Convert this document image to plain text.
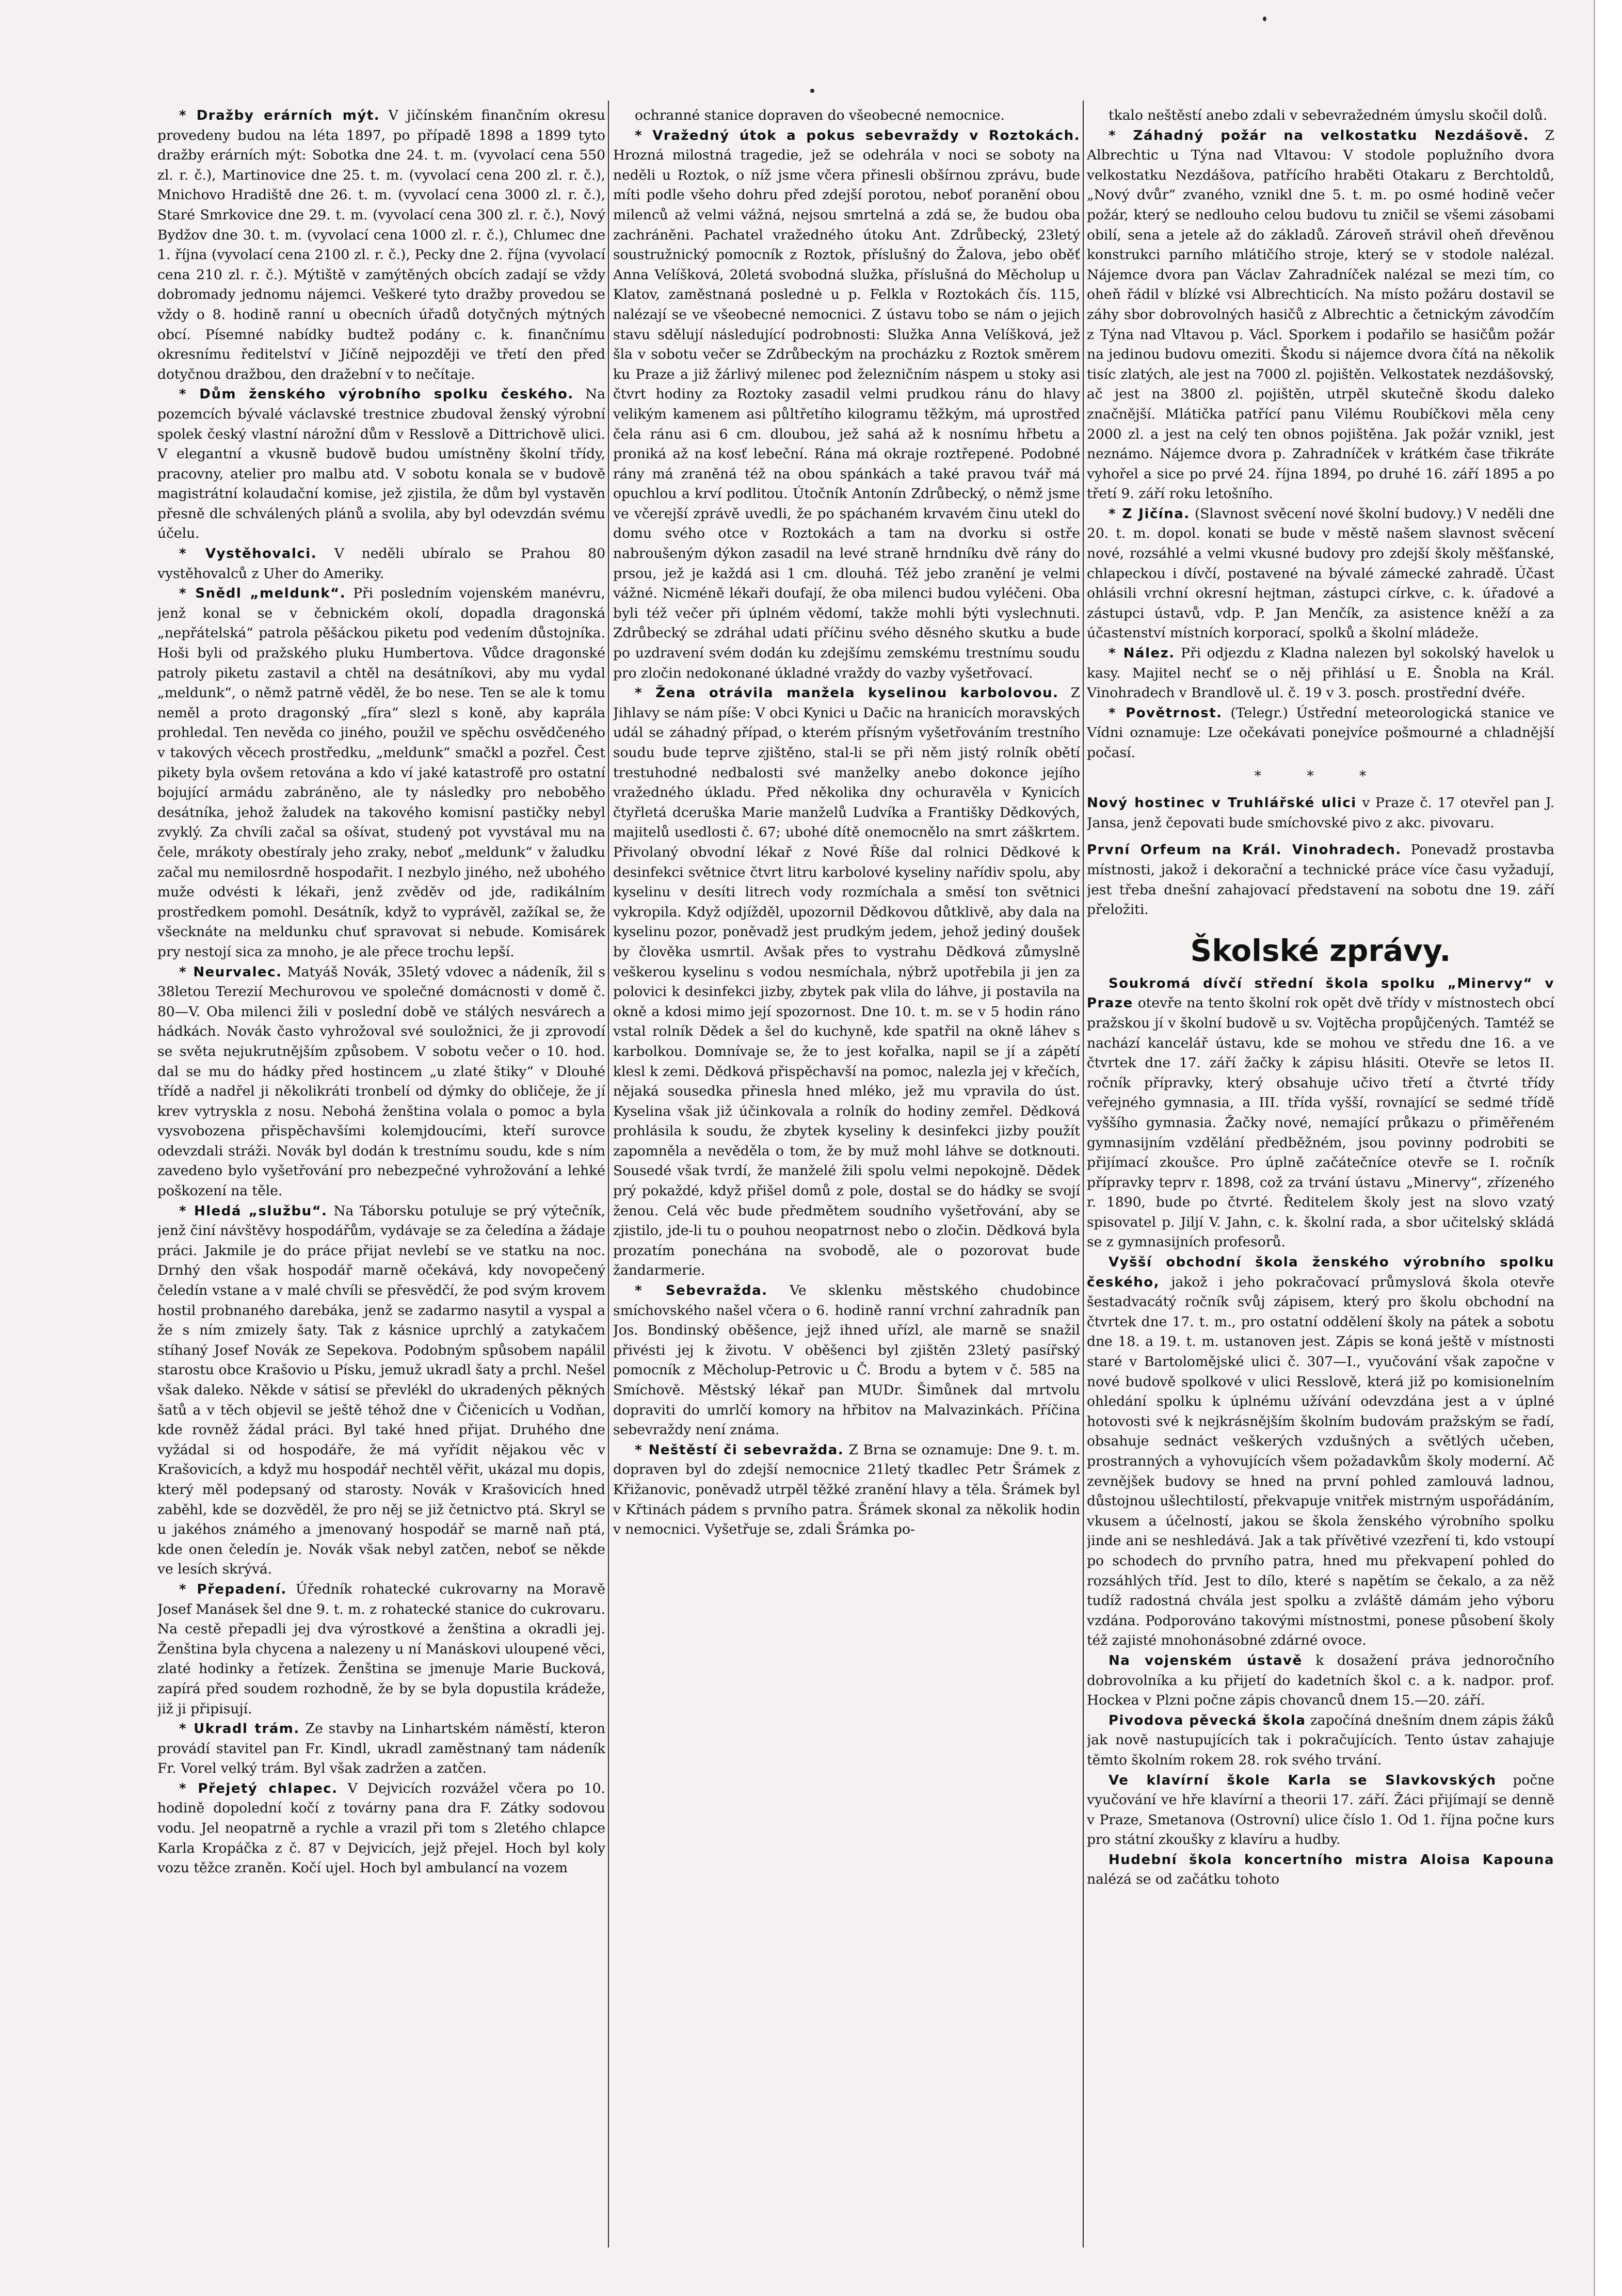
* Dražby erárních mýt. V jičínském finančním okresu provedeny budou na léta 1897, po případě 1898 a 1899 tyto dražby erárních mýt: Sobotka dne 24. t. m. (vyvolací cena 550 zl. r. č.), Martinovice dne 25. t. m. (vyvolací cena 200 zl. r. č.), Mnichovo Hradiště dne 26. t. m. (vyvolací cena 3000 zl. r. č.), Staré Smrkovice dne 29. t. m. (vyvolací cena 300 zl. r. č.), Nový Bydžov dne 30. t. m. (vyvolací cena 1000 zl. r. č.), Chlumec dne 1. října (vyvolací cena 2100 zl. r. č.), Pecky dne 2. října (vyvolací cena 210 zl. r. č.). Mýtiště v zamýtěných obcích zadají se vždy dobromady jednomu nájemci. Veškeré tyto dražby provedou se vždy o 8. hodině ranní u obecních úřadů dotyčných mýtných obcí. Písemné nabídky budtež podány c. k. finančnímu okresnímu ředitelství v Jičíně nejpozději ve třetí den před dotyčnou dražbou, den dražební v to nečítaje.

* Dům ženského výrobního spolku českého. Na pozemcích bývalé václavské trestnice zbudoval ženský výrobní spolek český vlastní nárožní dům v Resslově a Dittrichově ulici. V elegantní a vkusně budově budou umístněny školní třídy, pracovny, atelier pro malbu atd. V sobotu konala se v budově magistrátní kolaudační komise, jež zjistila, že dům byl vystavěn přesně dle schválených plánů a svolila, aby byl odevzdán svému účelu.

* Vystěhovalci. V neděli ubíralo se Prahou 80 vystěhovalců z Uher do Ameriky.

* Snědl „meldunk“. Při posledním vojenském manévru, jenž konal se v čebnickém okolí, dopadla dragonská „nepřátelská“ patrola pěšáckou piketu pod vedením důstojníka. Hoši byli od pražského pluku Humbertova. Vůdce dragonské patroly piketu zastavil a chtěl na desátníkovi, aby mu vydal „meldunk“, o němž patrně věděl, že bo nese. Ten se ale k tomu neměl a proto dragonský „fíra“ slezl s koně, aby kaprála prohledal. Ten nevěda co jiného, použil ve spěchu osvědčeného v takových věcech prostředku, „meldunk“ smačkl a pozřel. Čest pikety byla ovšem retována a kdo ví jaké katastrofě pro ostatní bojující armádu zabráněno, ale ty následky pro neboběho desátníka, jehož žaludek na takového komisní pastičky nebyl zvyklý. Za chvíli začal sa ošívat, studený pot vyvstával mu na čele, mrákoty obestíraly jeho zraky, neboť „meldunk“ v žaludku začal mu nemilosrdně hospodařit. I nezbylo jiného, než ubohého muže odvésti k lékaři, jenž zvěděv od jde, radikálním prostředkem pomohl. Desátník, když to vyprávěl, zažíkal se, že všecknáte na meldunku chuť spravovat si nebude. Komisárek pry nestojí sica za mnoho, je ale přece trochu lepší.

* Neurvalec. Matyáš Novák, 35letý vdovec a nádeník, žil s 38letou Terezií Mechurovou ve společné domácnosti v domě č. 80—V. Oba milenci žili v poslední době ve stálých nesvárech a hádkách. Novák často vyhrožoval své souložnici, že ji zprovodí se světa nejukrutnějším způsobem. V sobotu večer o 10. hod. dal se mu do hádky před hostincem „u zlaté štiky“ v Dlouhé třídě a nadřel ji několikráti tronbelí od dýmky do obličeje, že jí krev vytryskla z nosu. Nebohá ženština volala o pomoc a byla vysvobozena přispěchavšími kolemjdoucími, kteří surovce odevzdali stráži. Novák byl dodán k trestnímu soudu, kde s ním zavedeno bylo vyšetřování pro nebezpečné vyhrožování a lehké poškození na těle.

* Hledá „službu“. Na Táborsku potuluje se prý výtečník, jenž činí návštěvy hospodářům, vydávaje se za čeledína a žádaje práci. Jakmile je do práce přijat nevlebí se ve statku na noc. Drnhý den však hospodář marně očekává, kdy novopečený čeledín vstane a v malé chvíli se přesvědčí, že pod svým krovem hostil probnaného darebáka, jenž se zadarmo nasytil a vyspal a že s ním zmizely šaty. Tak z kásnice uprchlý a zatykačem stíhaný Josef Novák ze Sepekova. Podobným spůsobem napálil starostu obce Krašovio u Písku, jemuž ukradl šaty a prchl. Nešel však daleko. Někde v sátisí se převlékl do ukradených pěkných šatů a v těch objevil se ještě téhož dne v Čičenicích u Vodňan, kde rovněž žádal práci. Byl také hned přijat. Druhého dne vyžádal si od hospodáře, že má vyřídit nějakou věc v Krašovicích, a když mu hospodář nechtěl věřit, ukázal mu dopis, který měl podepsaný od starosty. Novák v Krašovicích hned zaběhl, kde se dozvěděl, že pro něj se již četnictvo ptá. Skryl se u jakéhos známého a jmenovaný hospodář se marně naň ptá, kde onen čeledín je. Novák však nebyl zatčen, neboť se někde ve lesích skrývá.

* Přepadení. Úředník rohatecké cukrovarny na Moravě Josef Manásek šel dne 9. t. m. z rohatecké stanice do cukrovaru. Na cestě přepadli jej dva výrostkové a ženština a okradli jej. Ženština byla chycena a nalezeny u ní Manáskovi uloupené věci, zlaté hodinky a řetízek. Ženština se jmenuje Marie Bucková, zapírá před soudem rozhodně, že by se byla dopustila krádeže, již ji připisují.

* Ukradl trám. Ze stavby na Linhartském náměstí, kteron provádí stavitel pan Fr. Kindl, ukradl zaměstnaný tam nádeník Fr. Vorel velký trám. Byl však zadržen a zatčen.

* Přejetý chlapec. V Dejvicích rozvážel včera po 10. hodině dopolední kočí z továrny pana dra F. Zátky sodovou vodu. Jel neopatrně a rychle a vrazil při tom s 2letého chlapce Karla Kropáčka z č. 87 v Dejvicích, jejž přejel. Hoch byl koly vozu těžce zraněn. Kočí ujel. Hoch byl ambulancí na vozem

ochranné stanice dopraven do všeobecné nemocnice.

* Vražedný útok a pokus sebevraždy v Roztokách. Hrozná milostná tragedie, jež se odehrála v noci se soboty na neděli u Roztok, o níž jsme včera přinesli obšírnou zprávu, bude míti podle všeho dohru před zdejší porotou, neboť poranění obou milenců až velmi vážná, nejsou smrtelná a zdá se, že budou oba zachráněni. Pachatel vražedného útoku Ant. Zdrůbecký, 23letý soustružnický pomocník z Roztok, příslušný do Žalova, jebo oběť Anna Velíšková, 20letá svobodná služka, příslušná do Měcholup u Klatov, zaměstnaná poslednė u p. Felkla v Roztokách čís. 115, nalézají se ve všeobecné nemocnici. Z ústavu tobo se nám o jejich stavu sdělují následující podrobnosti: Služka Anna Velíšková, jež šla v sobotu večer se Zdrůbeckým na procházku z Roztok směrem ku Praze a již žárlivý milenec pod železničním náspem u stoky asi čtvrt hodiny za Roztoky zasadil velmi prudkou ránu do hlavy velikým kamenem asi půltřetího kilogramu těžkým, má uprostřed čela ránu asi 6 cm. dloubou, jež sahá až k nosnímu hřbetu a proniká až na kosť lebeční. Rána má okraje roztřepené. Podobné rány má zraněná též na obou spánkách a také pravou tvář má opuchlou a krví podlitou. Útočník Antonín Zdrůbecký, o němž jsme ve včerejší zprávě uvedli, že po spáchaném krvavém činu utekl do domu svého otce v Roztokách a tam na dvorku si ostře nabroušeným dýkon zasadil na levé straně hrndníku dvě rány do prsou, jež je každá asi 1 cm. dlouhá. Též jebo zranění je velmi vážné. Nicméně lékaři doufají, že oba milenci budou vyléčeni. Oba byli též večer při úplném vědomí, takže mohli býti vyslechnuti. Zdrůbecký se zdráhal udati příčinu svého děsného skutku a bude po uzdravení svém dodán ku zdejšímu zemskému trestnímu soudu pro zločin nedokonané úkladné vraždy do vazby vyšetřovací.

* Žena otrávila manžela kyselinou karbolovou. Z Jihlavy se nám píše: V obci Kynici u Dačic na hranicích moravských udál se záhadný případ, o kterém přísným vyšetřováním trestního soudu bude teprve zjištěno, stal-li se při něm jistý rolník obětí trestuhodné nedbalosti své manželky anebo dokonce jejího vražedného úkladu. Před několika dny ochuravěla v Kynicích čtyřletá dceruška Marie manželů Ludvíka a Františky Dědkových, majitelů usedlosti č. 67; ubohé dítě onemocnělo na smrt záškrtem. Přivolaný obvodní lékař z Nové Říše dal rolnici Dědkové k desinfekci světnice čtvrt litru karbolové kyseliny nařídiv spolu, aby kyselinu v desíti litrech vody rozmíchala a směsí ton světnici vykropila. Když odjížděl, upozornil Dědkovou důtklivě, aby dala na kyselinu pozor, poněvadž jest prudkým jedem, jehož jediný doušek by člověka usmrtil. Avšak přes to vystrahu Dědková zůmyslně veškerou kyselinu s vodou nesmíchala, nýbrž upotřebila ji jen za polovici k desinfekci jizby, zbytek pak vlila do láhve, ji postavila na okně a kdosi mimo její spozornost. Dne 10. t. m. se v 5 hodin ráno vstal rolník Dědek a šel do kuchyně, kde spatřil na okně láhev s karbolkou. Domnívaje se, že to jest kořalka, napil se jí a zápětí klesl k zemi. Dědková přispěchavší na pomoc, nalezla jej v křečích, nějaká sousedka přinesla hned mléko, jež mu vpravila do úst. Kyselina však již účinkovala a rolník do hodiny zemřel. Dědková prohlásila k soudu, že zbytek kyseliny k desinfekci jizby použít zapomněla a nevěděla o tom, že by muž mohl láhve se dotknouti. Sousedé však tvrdí, že manželé žili spolu velmi nepokojně. Dědek prý pokaždé, když přišel domů z pole, dostal se do hádky se svojí ženou. Celá věc bude předmětem soudního vyšetřování, aby se zjistilo, jde-li tu o pouhou neopatrnost nebo o zločin. Dědková byla prozatím ponechána na svobodě, ale o pozorovat bude žandarmerie.

* Sebevražda. Ve sklenku městského chudobince smíchovského našel včera o 6. hodině ranní vrchní zahradník pan Jos. Bondinský oběšence, jejž ihned uřízl, ale marně se snažil přivésti jej k životu. V oběšenci byl zjištěn 23letý pasířský pomocník z Měcholup-Petrovic u Č. Brodu a bytem v č. 585 na Smíchově. Městský lékař pan MUDr. Šimůnek dal mrtvolu dopraviti do umrlčí komory na hřbitov na Malvazinkách. Příčina sebevraždy není známa.

* Neštěstí či sebevražda. Z Brna se oznamuje: Dne 9. t. m. dopraven byl do zdejší nemocnice 21letý tkadlec Petr Šrámek z Křižanovic, poněvadž utrpěl těžké zranění hlavy a těla. Šrámek byl v Křtinách pádem s prvního patra. Šrámek skonal za několik hodin v nemocnici. Vyšetřuje se, zdali Šrámka po-

tkalo neštěstí anebo zdali v sebevražedném úmyslu skočil dolů.

* Záhadný požár na velkostatku Nezdášově. Z Albrechtic u Týna nad Vltavou: V stodole poplužního dvora velkostatku Nezdášova, patřícího hraběti Otakaru z Berchtoldů, „Nový dvůr“ zvaného, vznikl dne 5. t. m. po osmé hodině večer požár, který se nedlouho celou budovu tu zničil se všemi zásobami obilí, sena a jetele až do základů. Zároveň strávil oheň dřevěnou konstrukci parního mlátičího stroje, který se v stodole nalézal. Nájemce dvora pan Václav Zahradníček nalézal se mezi tím, co oheň řádil v blízké vsi Albrechticích. Na místo požáru dostavil se záhy sbor dobrovolných hasičů z Albrechtic a četnickým závodčím z Týna nad Vltavou p. Václ. Sporkem i podařilo se hasičům požár na jedinou budovu omeziti. Škodu si nájemce dvora čítá na několik tisíc zlatých, ale jest na 7000 zl. pojištěn. Velkostatek nezdášovský, ač jest na 3800 zl. pojištěn, utrpěl skutečně škodu daleko značnější. Mlátička patřící panu Vilému Roubíčkovi měla ceny 2000 zl. a jest na celý ten obnos pojištěna. Jak požár vznikl, jest neznámo. Nájemce dvora p. Zahradníček v krátkém čase třikráte vyhořel a sice po prvé 24. října 1894, po druhé 16. září 1895 a po třetí 9. září roku letošního.

* Z Jičína. (Slavnost svěcení nové školní budovy.) V neděli dne 20. t. m. dopol. konati se bude v městě našem slavnost svěcení nové, rozsáhlé a velmi vkusné budovy pro zdejší školy měšťanské, chlapeckou i dívčí, postavené na bývalé zámecké zahradě. Účast ohlásili vrchní okresní hejtman, zástupci církve, c. k. úřadové a zástupci ústavů, vdp. P. Jan Menčík, za asistence kněží a za účastenství místních korporací, spolků a školní mládeže.

* Nález. Při odjezdu z Kladna nalezen byl sokolský havelok u kasy. Majitel nechť se o něj přihlásí u E. Šnobla na Král. Vinohradech v Brandlově ul. č. 19 v 3. posch. prostřední dvéře.

* Povětrnost. (Telegr.) Ústřední meteorologická stanice ve Vídni oznamuje: Lze očekávati ponejvíce pošmourné a chladnější počasí.

* * *

Nový hostinec v Truhlářské ulici v Praze č. 17 otevřel pan J. Jansa, jenž čepovati bude smíchovské pivo z akc. pivovaru.

První Orfeum na Král. Vinohradech. Ponevadž prostavba místnosti, jakož i dekorační a technické práce více času vyžadují, jest třeba dnešní zahajovací představení na sobotu dne 19. září přeložiti.

Školské zprávy.

Soukromá dívčí střední škola spolku „Minervy“ v Praze otevře na tento školní rok opět dvě třídy v místnostech obcí pražskou jí v školní budově u sv. Vojtěcha propůjčených. Tamtéž se nachází kancelář ústavu, kde se mohou ve středu dne 16. a ve čtvrtek dne 17. září žačky k zápisu hlásiti. Otevře se letos II. ročník přípravky, který obsahuje učivo třetí a čtvrté třídy veřejného gymnasia, a III. třída vyšší, rovnající se sedmé třídě vyššího gymnasia. Žačky nové, nemající průkazu o přiměřeném gymnasijním vzdělání předběžném, jsou povinny podrobiti se přijímací zkoušce. Pro úplně začátečníce otevře se I. ročník přípravky teprv r. 1898, což za trvání ústavu „Minervy“, zřízeného r. 1890, bude po čtvrté. Ředitelem školy jest na slovo vzatý spisovatel p. Jiljí V. Jahn, c. k. školní rada, a sbor učitelský skládá se z gymnasijních profesorů.

Vyšší obchodní škola ženského výrobního spolku českého, jakož i jeho pokračovací průmyslová škola otevře šestadvacátý ročník svůj zápisem, který pro školu obchodní na čtvrtek dne 17. t. m., pro ostatní oddělení školy na pátek a sobotu dne 18. a 19. t. m. ustanoven jest. Zápis se koná ještě v místnosti staré v Bartolomějské ulici č. 307—I., vyučování však započne v nové budově spolkové v ulici Resslově, která již po komisionelním ohledání spolku k úplnému užívání odevzdána jest a v úplné hotovosti své k nejkrásnějším školním budovám pražským se řadí, obsahuje sednáct veškerých vzdušných a světlých učeben, prostranných a vyhovujících všem požadavkům školy moderní. Ač zevnějšek budovy se hned na první pohled zamlouvá ladnou, důstojnou ušlechtilostí, překvapuje vnitřek mistrným uspořádáním, vkusem a účelností, jakou se škola ženského výrobního spolku jinde ani se neshledává. Jak a tak přívětivé vzezření ti, kdo vstoupí po schodech do prvního patra, hned mu překvapení pohled do rozsáhlých tříd. Jest to dílo, které s napětím se čekalo, a za něž tudíž radostná chvála jest spolku a zvláště dámám jeho výboru vzdána. Podporováno takovými místnostmi, ponese působení školy též zajisté mnohonásobné zdárné ovoce.

Na vojenském ústavě k dosažení práva jednoročního dobrovolníka a ku přijetí do kadetních škol c. a k. nadpor. prof. Hockea v Plzni počne zápis chovanců dnem 15.—20. září.

Pivodova pěvecká škola započíná dnešním dnem zápis žáků jak nově nastupujících tak i pokračujících. Tento ústav zahajuje těmto školním rokem 28. rok svého trvání.

Ve klavírní škole Karla se Slavkovských počne vyučování ve hře klavírní a theorii 17. září. Žáci přijímají se denně v Praze, Smetanova (Ostrovní) ulice číslo 1. Od 1. října počne kurs pro státní zkoušky z klavíru a hudby.

Hudební škola koncertního mistra Aloisa Kapouna nalézá se od začátku tohoto
